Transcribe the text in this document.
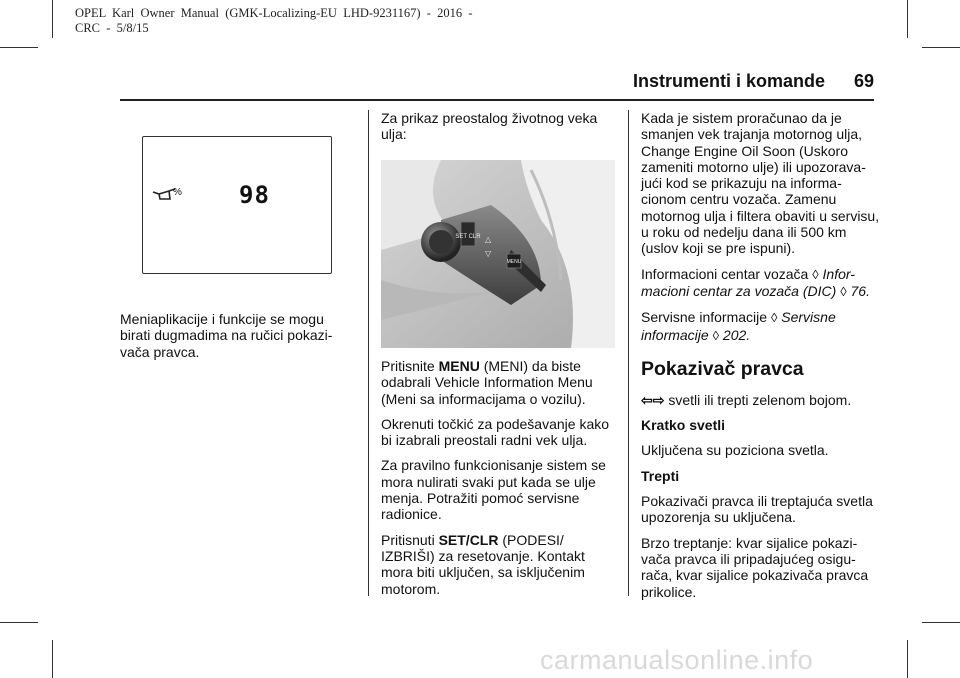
OPEL  Karl  Owner  Manual  (GMK-Localizing-EU  LHD-9231167)  -  2016  -
CRC  -  5/8/15
Instrumenti i komande 69
% 98

Meniaplikacije i funkcije se mogu birati dugmadima na ručici pokazi-vača pravca.

Za prikaz preostalog životnog veka ulja:

SET CLR △
▽
MENU

Pritisnite MENU (MENI) da biste odabrali Vehicle Information Menu (Meni sa informacijama o vozilu).

Okrenuti točkić za podešavanje kako bi izabrali preostali radni vek ulja.

Za pravilno funkcionisanje sistem se mora nulirati svaki put kada se ulje menja. Potražiti pomoć servisne radionice.

Pritisnuti SET/CLR (PODESI/ IZBRIŠI) za resetovanje. Kontakt mora biti uključen, sa isključenim motorom.

Kada je sistem proračunao da je smanjen vek trajanja motornog ulja, Change Engine Oil Soon (Uskoro zameniti motorno ulje) ili upozorava-jući kod se prikazuju na informa-cionom centru vozača. Zamenu motornog ulja i filtera obaviti u servisu, u roku od nedelju dana ili 500 km (uslov koji se pre ispuni).

Informacioni centar vozača ◊ Infor-macioni centar za vozača (DIC) ◊ 76.

Servisne informacije ◊ Servisne informacije ◊ 202.

Pokazivač pravca

⇦⇨ svetli ili trepti zelenom bojom.

Kratko svetli

Uključena su poziciona svetla.

Trepti

Pokazivači pravca ili treptajuća svetla upozorenja su uključena.

Brzo treptanje: kvar sijalice pokazi-vača pravca ili pripadajućeg osigu-rača, kvar sijalice pokazivača pravca prikolice.

carmanualsonline.info
